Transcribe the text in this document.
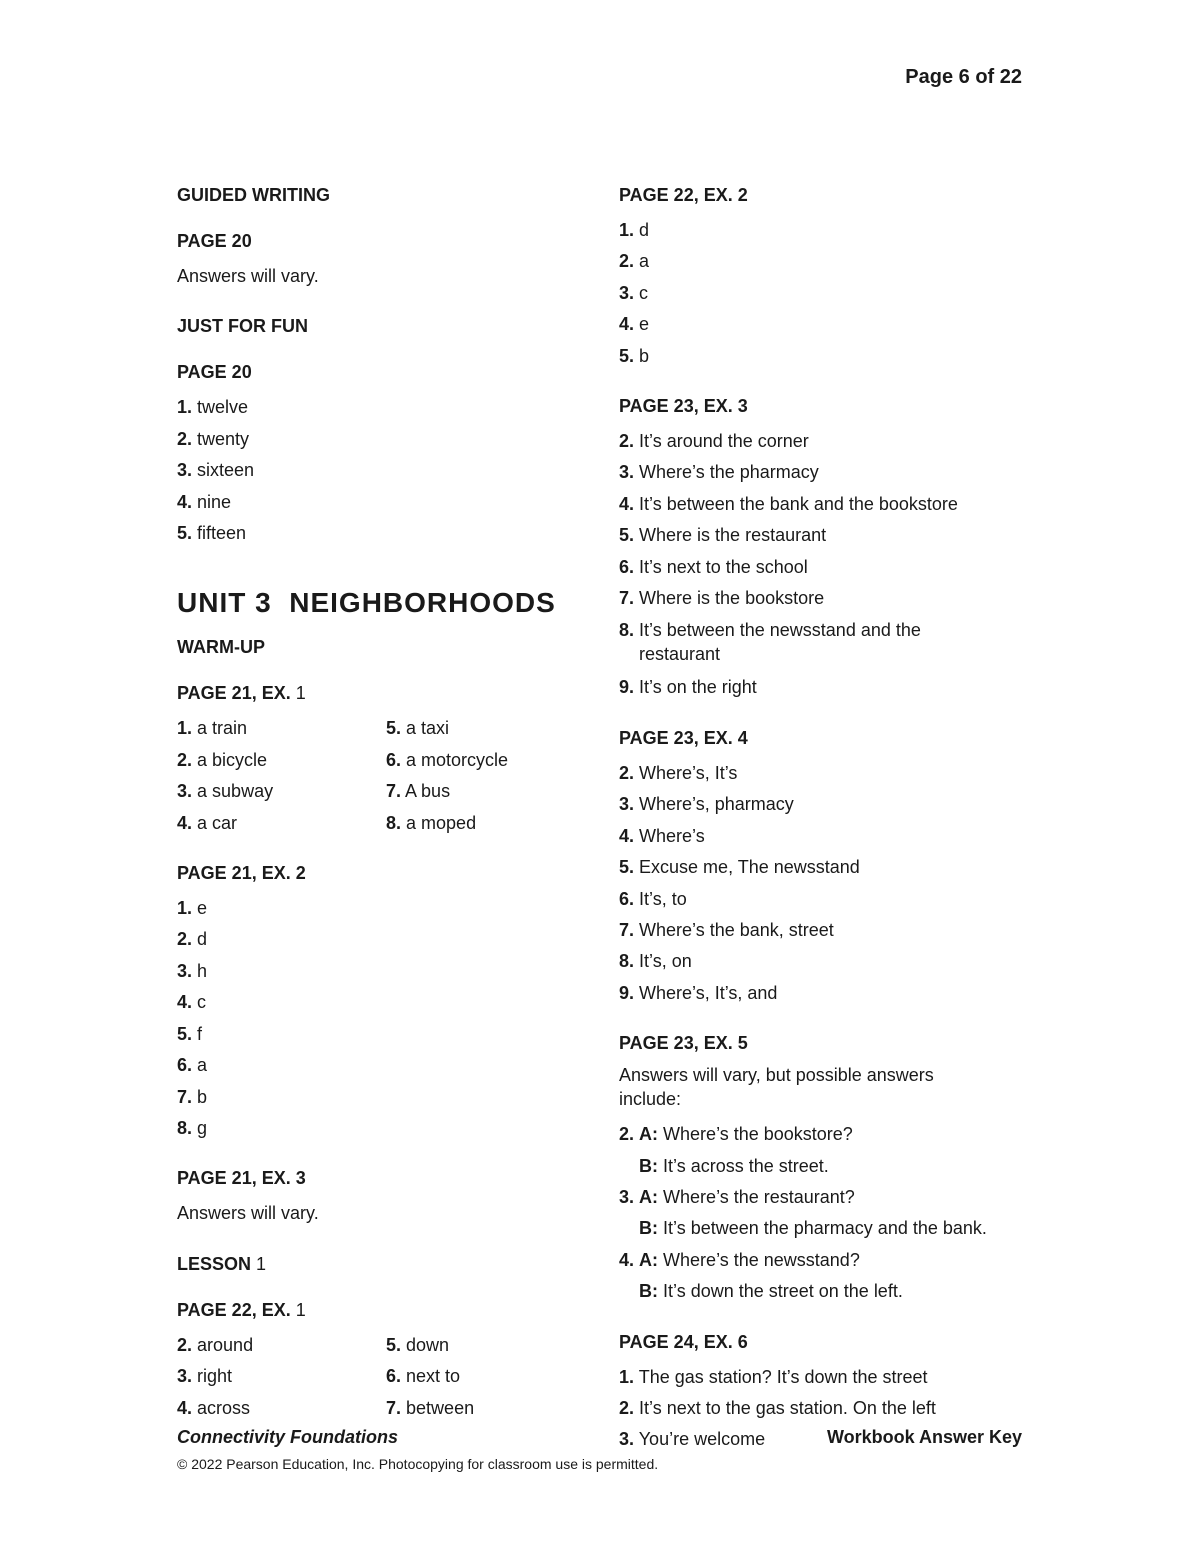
Page 6 of 22
GUIDED WRITING
PAGE 20
Answers will vary.
JUST FOR FUN
PAGE 20
1. twelve
2. twenty
3. sixteen
4. nine
5. fifteen
UNIT 3  NEIGHBORHOODS
WARM-UP
PAGE 21, EX. 1
1. a train
2. a bicycle
3. a subway
4. a car
5. a taxi
6. a motorcycle
7. A bus
8. a moped
PAGE 21, EX. 2
1. e
2. d
3. h
4. c
5. f
6. a
7. b
8. g
PAGE 21, EX. 3
Answers will vary.
LESSON 1
PAGE 22, EX. 1
2. around
3. right
4. across
5. down
6. next to
7. between
PAGE 22, EX. 2
1. d
2. a
3. c
4. e
5. b
PAGE 23, EX. 3
2. It’s around the corner
3. Where’s the pharmacy
4. It’s between the bank and the bookstore
5. Where is the restaurant
6. It’s next to the school
7. Where is the bookstore
8. It’s between the newsstand and the restaurant
9. It’s on the right
PAGE 23, EX. 4
2. Where’s, It’s
3. Where’s, pharmacy
4. Where’s
5. Excuse me, The newsstand
6. It’s, to
7. Where’s the bank, street
8. It’s, on
9. Where’s, It’s, and
PAGE 23, EX. 5
Answers will vary, but possible answers include:
2. A: Where’s the bookstore?
B: It’s across the street.
3. A: Where’s the restaurant?
B: It’s between the pharmacy and the bank.
4. A: Where’s the newsstand?
B: It’s down the street on the left.
PAGE 24, EX. 6
1. The gas station? It’s down the street
2. It’s next to the gas station. On the left
3. You’re welcome
Connectivity Foundations	Workbook Answer Key
© 2022 Pearson Education, Inc. Photocopying for classroom use is permitted.
